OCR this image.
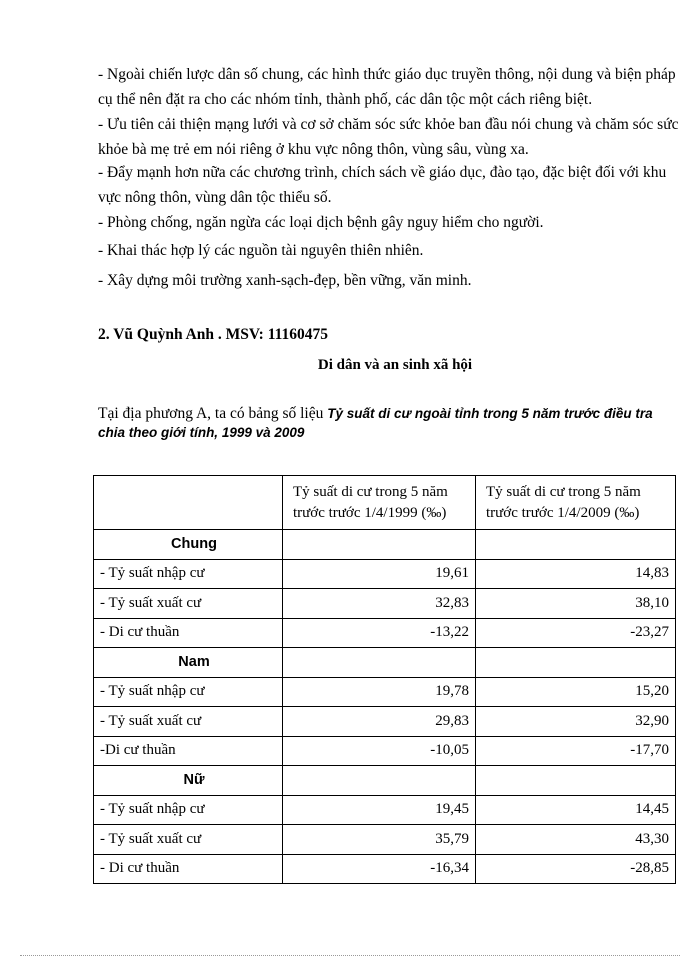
- Ngoài chiến lược dân số chung, các hình thức giáo dục truyền thông, nội dung và biện pháp cụ thể nên đặt ra cho các nhóm tỉnh, thành phố, các dân tộc một cách riêng biệt.
- Ưu tiên cải thiện mạng lưới và cơ sở chăm sóc sức khỏe ban đầu nói chung và chăm sóc sức khỏe bà mẹ trẻ em nói riêng ở khu vực nông thôn, vùng sâu, vùng xa.
- Đẩy mạnh hơn nữa các chương trình, chích sách về giáo dục, đào tạo, đặc biệt đối với khu vực nông thôn, vùng dân tộc thiểu số.
- Phòng chống, ngăn ngừa các loại dịch bệnh gây nguy hiểm cho người.
- Khai thác hợp lý các nguồn tài nguyên thiên nhiên.
- Xây dựng môi trường xanh-sạch-đẹp, bền vững, văn minh.
2. Vũ Quỳnh Anh . MSV: 11160475
Di dân và an sinh xã hội
Tại địa phương A, ta có bảng số liệu Tỷ suất di cư ngoài tỉnh trong 5 năm trước điều tra chia theo giới tính, 1999 và 2009
	Tỷ suất di cư trong 5 năm trước trước 1/4/1999 (‰)	Tỷ suất di cư trong 5 năm trước trước 1/4/2009 (‰)
Chung		
- Tỷ suất nhập cư	19,61	14,83
- Tỷ suất xuất cư	32,83	38,10
- Di cư thuần	-13,22	-23,27
Nam		
- Tỷ suất nhập cư	19,78	15,20
- Tỷ suất xuất cư	29,83	32,90
-Di cư thuần	-10,05	-17,70
Nữ		
- Tỷ suất nhập cư	19,45	14,45
- Tỷ suất xuất cư	35,79	43,30
- Di cư thuần	-16,34	-28,85
